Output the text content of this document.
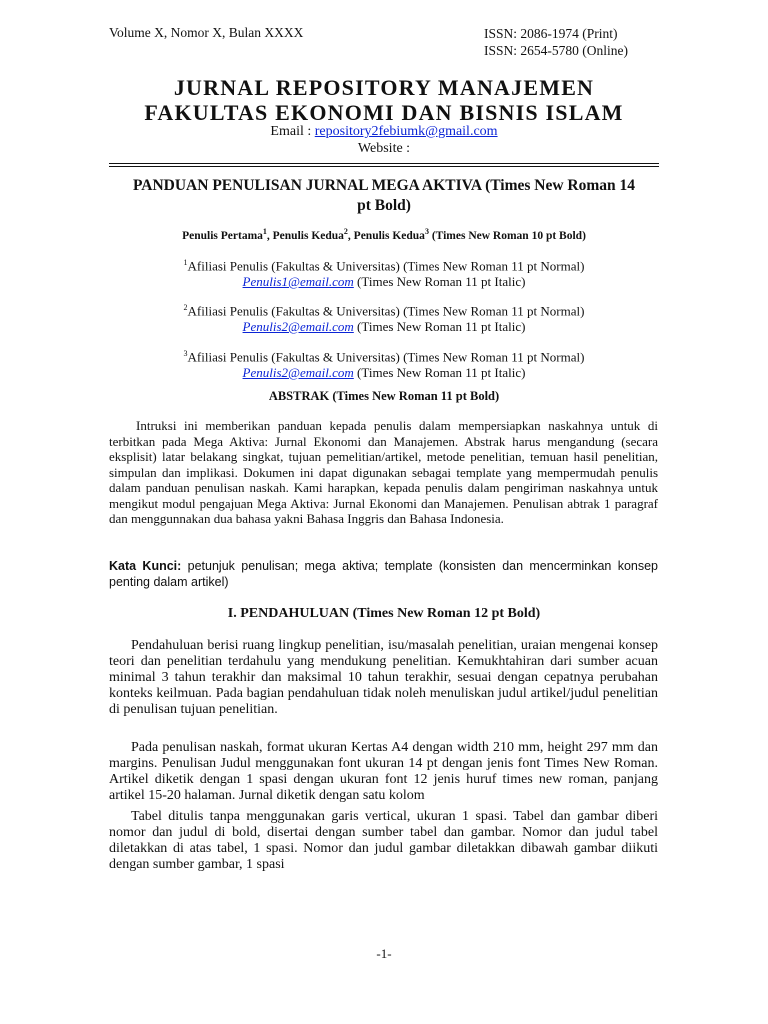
Volume X, Nomor X, Bulan XXXX	ISSN: 2086-1974 (Print)
ISSN: 2654-5780 (Online)
JURNAL REPOSITORY MANAJEMEN
FAKULTAS EKONOMI DAN BISNIS ISLAM
Email : repository2febiumk@gmail.com
Website :
PANDUAN PENULISAN JURNAL MEGA AKTIVA (Times New Roman 14 pt Bold)
Penulis Pertama$^1$, Penulis Kedua$^2$, Penulis Kedua$^3$ (Times New Roman 10 pt Bold)
$^1$Afiliasi Penulis (Fakultas & Universitas) (Times New Roman 11 pt Normal)
Penulis1@email.com (Times New Roman 11 pt Italic)
$^2$Afiliasi Penulis (Fakultas & Universitas) (Times New Roman 11 pt Normal)
Penulis2@email.com (Times New Roman 11 pt Italic)
$^3$Afiliasi Penulis (Fakultas & Universitas) (Times New Roman 11 pt Normal)
Penulis2@email.com (Times New Roman 11 pt Italic)
ABSTRAK (Times New Roman 11 pt Bold)

Intruksi ini memberikan panduan kepada penulis dalam mempersiapkan naskahnya untuk di terbitkan pada Mega Aktiva: Jurnal Ekonomi dan Manajemen. Abstrak harus mengandung (secara eksplisit) latar belakang singkat, tujuan pemelitian/artikel, metode penelitian, temuan hasil penelitian, simpulan dan implikasi. Dokumen ini dapat digunakan sebagai template yang mempermudah penulis dalam panduan penulisan naskah. Kami harapkan, kepada penulis dalam pengiriman naskahnya untuk mengikut modul pengajuan Mega Aktiva: Jurnal Ekonomi dan Manajemen. Penulisan abtrak 1 paragraf dan menggunnakan dua bahasa yakni Bahasa Inggris dan Bahasa Indonesia.

Kata Kunci: petunjuk penulisan; mega aktiva; template (konsisten dan mencerminkan konsep penting dalam artikel)

I. PENDAHULUAN (Times New Roman 12 pt Bold)

Pendahuluan berisi ruang lingkup penelitian, isu/masalah penelitian, uraian mengenai konsep teori dan penelitian terdahulu yang mendukung penelitian. Kemukhtahiran dari sumber acuan minimal 3 tahun terakhir dan maksimal 10 tahun terakhir, sesuai dengan cepatnya perubahan konteks keilmuan. Pada bagian pendahuluan tidak noleh menuliskan judul artikel/judul penelitian di penulisan tujuan penelitian.

Pada penulisan naskah, format ukuran Kertas A4 dengan width 210 mm, height 297 mm dan margins. Penulisan Judul menggunakan font ukuran 14 pt dengan jenis font Times New Roman. Artikel diketik dengan 1 spasi dengan ukuran font 12 jenis huruf times new roman, panjang artikel 15-20 halaman. Jurnal diketik dengan satu kolom

Tabel ditulis tanpa menggunakan garis vertical, ukuran 1 spasi. Tabel dan gambar diberi nomor dan judul di bold, disertai dengan sumber tabel dan gambar. Nomor dan judul tabel diletakkan di atas tabel, 1 spasi. Nomor dan judul gambar diletakkan dibawah gambar diikuti dengan sumber gambar, 1 spasi

-1-
